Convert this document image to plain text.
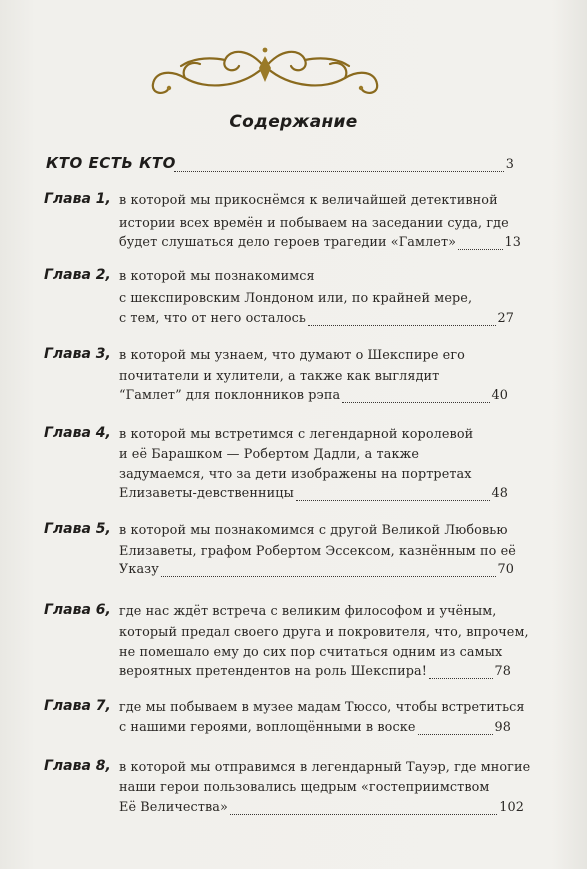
Содержание
КТО ЕСТЬ КТО	3
Глава 1, в которой мы прикоснёмся к величайшей детективной
истории всех времён и побываем на заседании суда, где
будет слушаться дело героев трагедии «Гамлет»	13
Глава 2, в которой мы познакомимся
с шекспировским Лондоном или, по крайней мере,
с тем, что от него осталось	27
Глава 3, в которой мы узнаем, что думают о Шекспире его
почитатели и хулители, а также как выглядит
“Гамлет” для поклонников рэпа	40
Глава 4, в которой мы встретимся с легендарной королевой
и её Барашком — Робертом Дадли, а также
задумаемся, что за дети изображены на портретах
Елизаветы-девственницы	48
Глава 5, в которой мы познакомимся с другой Великой Любовью
Елизаветы, графом Робертом Эссексом, казнённым по её
Указу	70
Глава 6, где нас ждёт встреча с великим философом и учёным,
который предал своего друга и покровителя, что, впрочем,
не помешало ему до сих пор считаться одним из самых
вероятных претендентов на роль Шекспира!	78
Глава 7, где мы побываем в музее мадам Тюссо, чтобы встретиться
с нашими героями, воплощёнными в воске	98
Глава 8, в которой мы отправимся в легендарный Тауэр, где многие
наши герои пользовались щедрым «гостеприимством
Её Величества»	102
